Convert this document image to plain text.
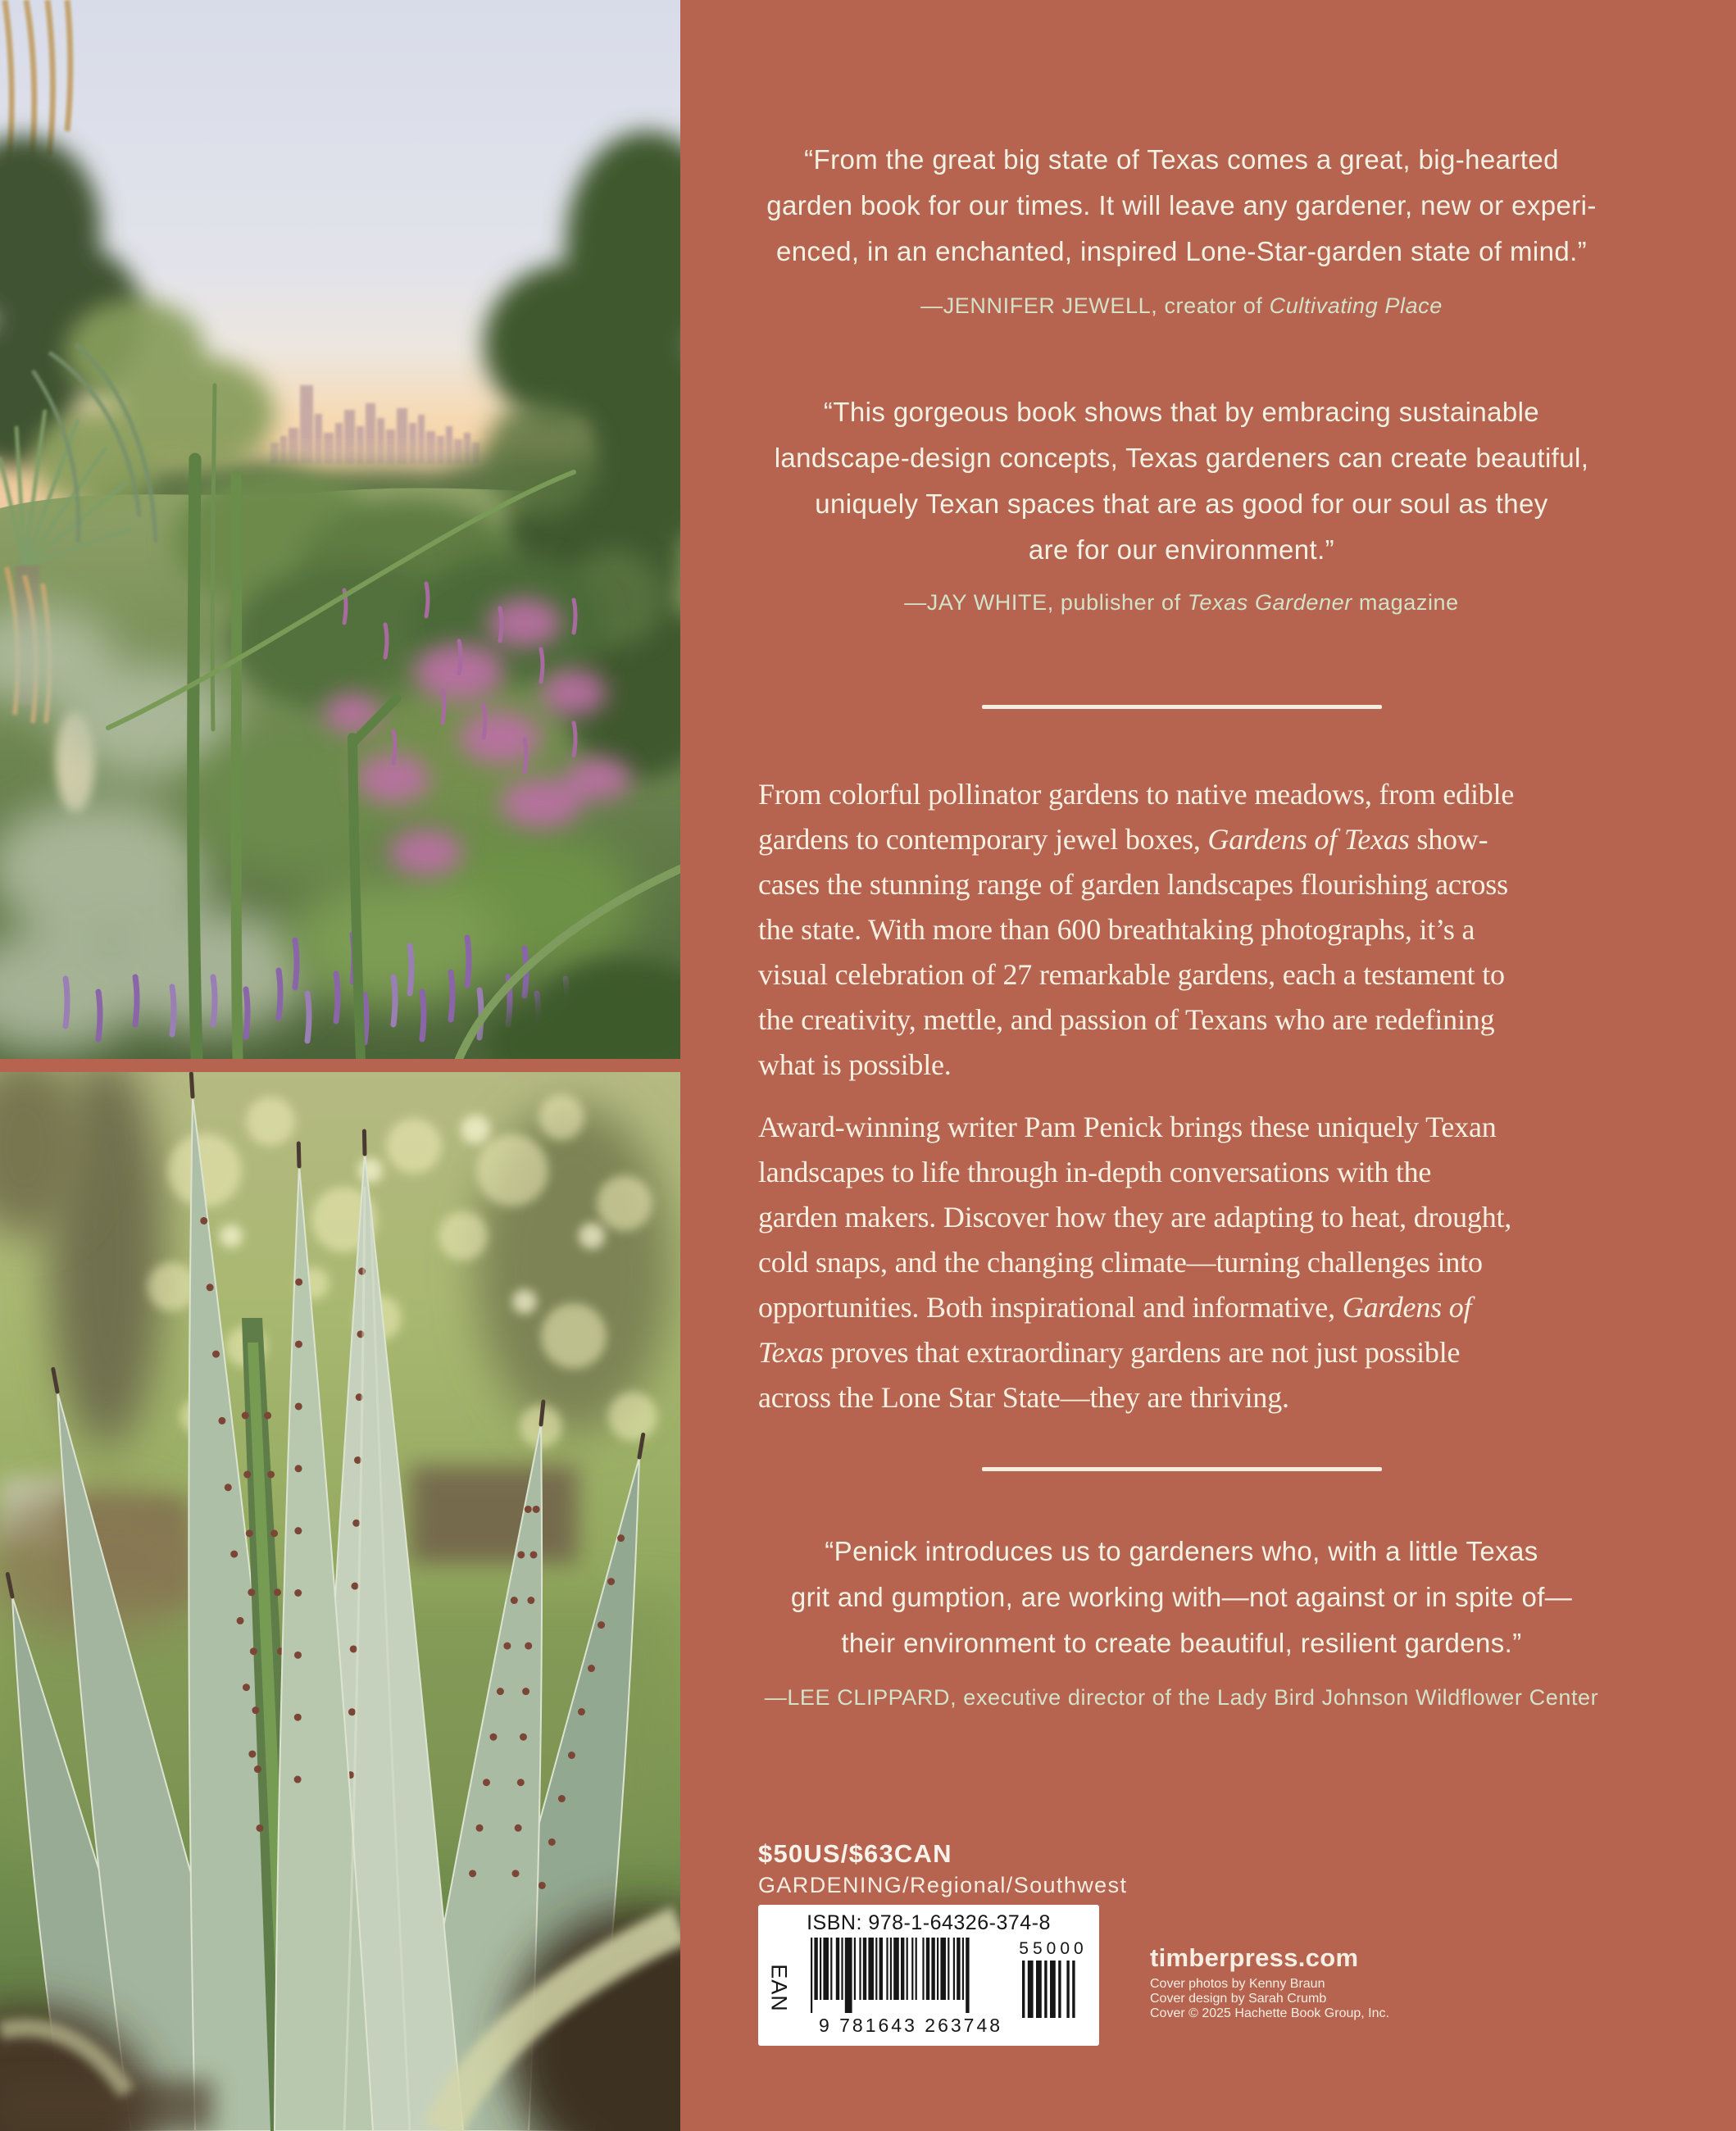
“From the great big state of Texas comes a great, big-hearted
garden book for our times. It will leave any gardener, new or experi-
enced, in an enchanted, inspired Lone-Star-garden state of mind.”
—JENNIFER JEWELL, creator of Cultivating Place
“This gorgeous book shows that by embracing sustainable
landscape-design concepts, Texas gardeners can create beautiful,
uniquely Texan spaces that are as good for our soul as they
are for our environment.”
—JAY WHITE, publisher of Texas Gardener magazine
From colorful pollinator gardens to native meadows, from edible
gardens to contemporary jewel boxes, Gardens of Texas show-
cases the stunning range of garden landscapes flourishing across
the state. With more than 600 breathtaking photographs, it’s a
visual celebration of 27 remarkable gardens, each a testament to
the creativity, mettle, and passion of Texans who are redefining
what is possible.
Award-winning writer Pam Penick brings these uniquely Texan
landscapes to life through in-depth conversations with the
garden makers. Discover how they are adapting to heat, drought,
cold snaps, and the changing climate—turning challenges into
opportunities. Both inspirational and informative, Gardens of
Texas proves that extraordinary gardens are not just possible
across the Lone Star State—they are thriving.
“Penick introduces us to gardeners who, with a little Texas
grit and gumption, are working with—not against or in spite of—
their environment to create beautiful, resilient gardens.”
—LEE CLIPPARD, executive director of the Lady Bird Johnson Wildflower Center
$50US/$63CAN
GARDENING/Regional/Southwest
ISBN: 978-1-64326-374-8
EAN
9 781643 263748
55000 timberpress.com
Cover photos by Kenny Braun
Cover design by Sarah Crumb
Cover © 2025 Hachette Book Group, Inc.
